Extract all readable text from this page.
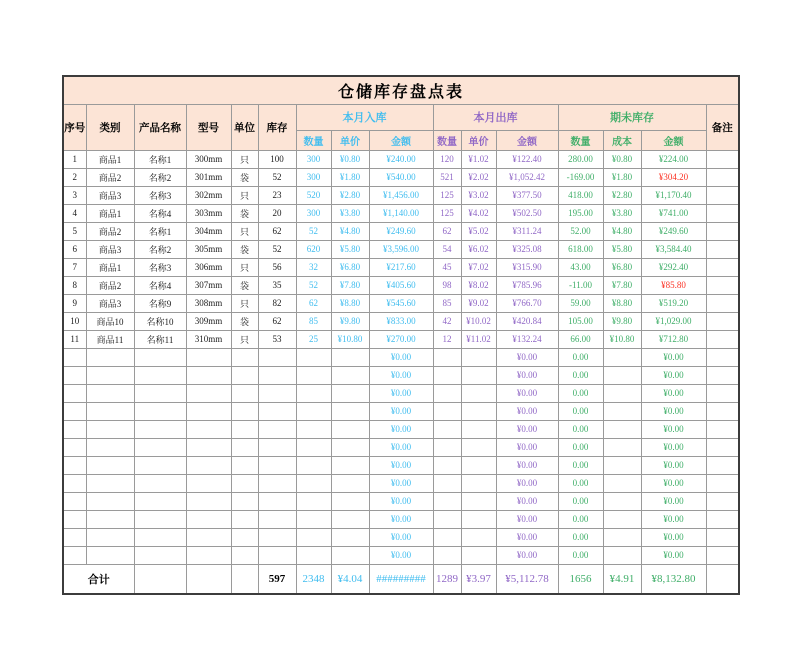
仓储库存盘点表															
序号	类别	产品名称	型号	单位	库存	本月入库			本月出库			期未库存			备注
						数量	单价	金额	数量	单价	金额	数量	成本	金额	
1	商品1	名称1	300mm	只	100	300	¥0.80	¥240.00	120	¥1.02	¥122.40	280.00	¥0.80	¥224.00	
2	商品2	名称2	301mm	袋	52	300	¥1.80	¥540.00	521	¥2.02	¥1,052.42	-169.00	¥1.80	¥304.20	
3	商品3	名称3	302mm	只	23	520	¥2.80	¥1,456.00	125	¥3.02	¥377.50	418.00	¥2.80	¥1,170.40	
4	商品1	名称4	303mm	袋	20	300	¥3.80	¥1,140.00	125	¥4.02	¥502.50	195.00	¥3.80	¥741.00	
5	商品2	名称1	304mm	只	62	52	¥4.80	¥249.60	62	¥5.02	¥311.24	52.00	¥4.80	¥249.60	
6	商品3	名称2	305mm	袋	52	620	¥5.80	¥3,596.00	54	¥6.02	¥325.08	618.00	¥5.80	¥3,584.40	
7	商品1	名称3	306mm	只	56	32	¥6.80	¥217.60	45	¥7.02	¥315.90	43.00	¥6.80	¥292.40	
8	商品2	名称4	307mm	袋	35	52	¥7.80	¥405.60	98	¥8.02	¥785.96	-11.00	¥7.80	¥85.80	
9	商品3	名称9	308mm	只	82	62	¥8.80	¥545.60	85	¥9.02	¥766.70	59.00	¥8.80	¥519.20	
10	商品10	名称10	309mm	袋	62	85	¥9.80	¥833.00	42	¥10.02	¥420.84	105.00	¥9.80	¥1,029.00	
11	商品11	名称11	310mm	只	53	25	¥10.80	¥270.00	12	¥11.02	¥132.24	66.00	¥10.80	¥712.80	
								¥0.00			¥0.00	0.00		¥0.00	
								¥0.00			¥0.00	0.00		¥0.00	
								¥0.00			¥0.00	0.00		¥0.00	
								¥0.00			¥0.00	0.00		¥0.00	
								¥0.00			¥0.00	0.00		¥0.00	
								¥0.00			¥0.00	0.00		¥0.00	
								¥0.00			¥0.00	0.00		¥0.00	
								¥0.00			¥0.00	0.00		¥0.00	
								¥0.00			¥0.00	0.00		¥0.00	
								¥0.00			¥0.00	0.00		¥0.00	
								¥0.00			¥0.00	0.00		¥0.00	
								¥0.00			¥0.00	0.00		¥0.00	
合计					597	2348	¥4.04	#########	1289	¥3.97	¥5,112.78	1656	¥4.91	¥8,132.80	
